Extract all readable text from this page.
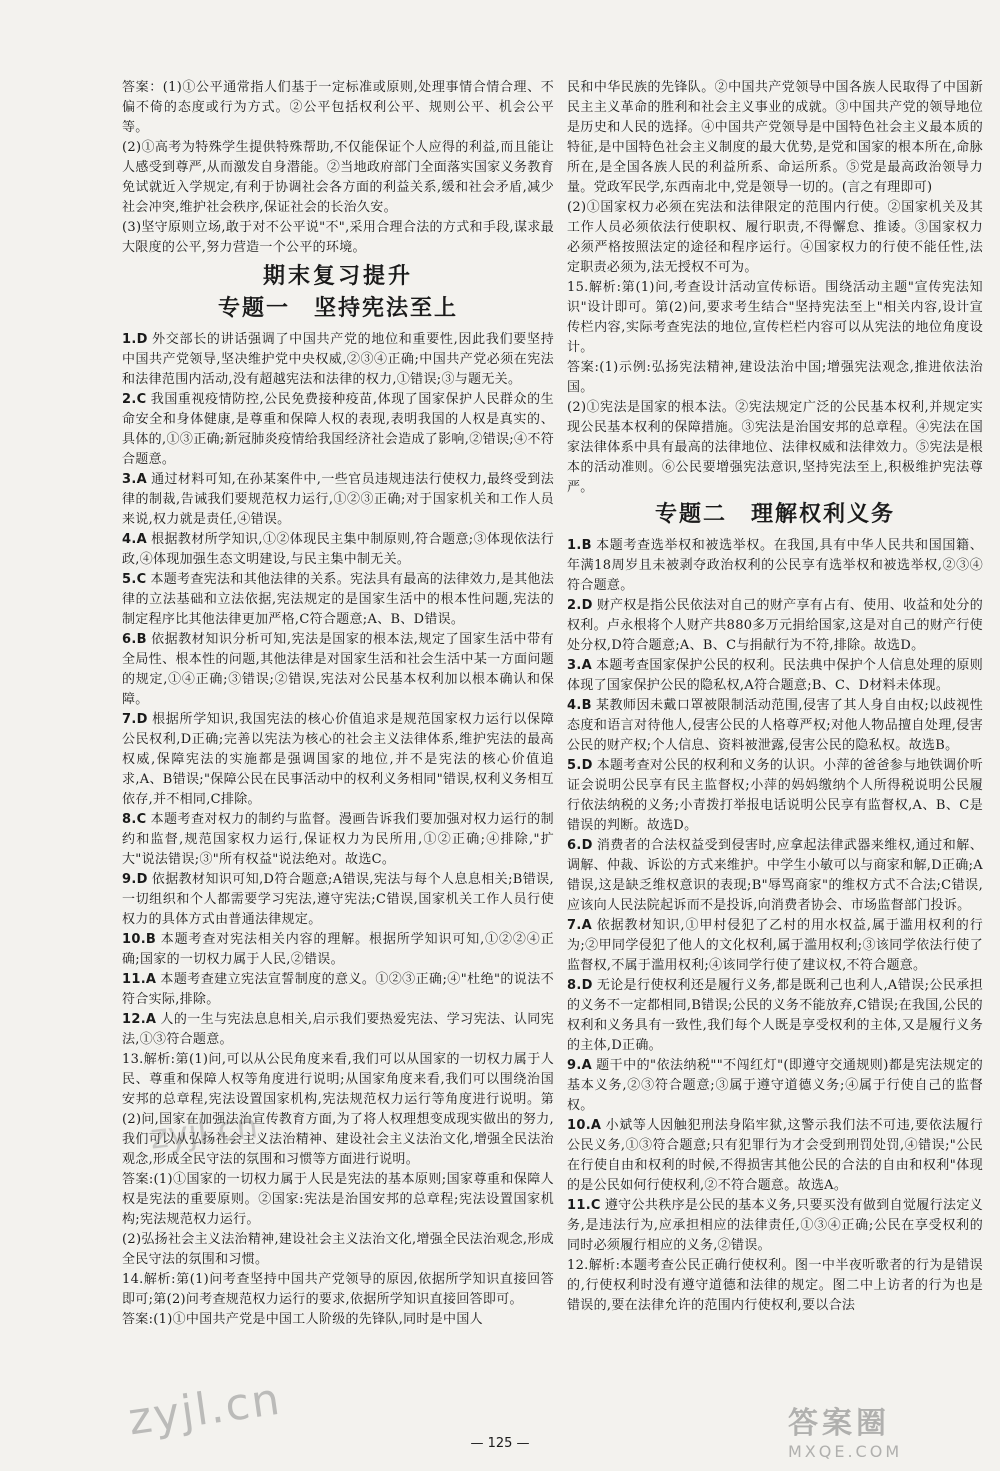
答案：(1)①公平通常指人们基于一定标准或原则,处理事情合情合理、不偏不倚的态度或行为方式。②公平包括权利公平、规则公平、机会公平等。

(2)①高考为特殊学生提供特殊帮助,不仅能保证个人应得的利益,而且能让人感受到尊严,从而激发自身潜能。②当地政府部门全面落实国家义务教育免试就近入学规定,有利于协调社会各方面的利益关系,缓和社会矛盾,减少社会冲突,维护社会秩序,保证社会的长治久安。

(3)坚守原则立场,敢于对不公平说"不",采用合理合法的方式和手段,谋求最大限度的公平,努力营造一个公平的环境。

期末复习提升
专题一　坚持宪法至上

1.D 外交部长的讲话强调了中国共产党的地位和重要性,因此我们要坚持中国共产党领导,坚决维护党中央权威,②③④正确;中国共产党必须在宪法和法律范围内活动,没有超越宪法和法律的权力,①错误;③与题无关。

2.C 我国重视疫情防控,公民免费接种疫苗,体现了国家保护人民群众的生命安全和身体健康,是尊重和保障人权的表现,表明我国的人权是真实的、具体的,①③正确;新冠肺炎疫情给我国经济社会造成了影响,②错误;④不符合题意。

3.A 通过材料可知,在孙某案件中,一些官员违规违法行使权力,最终受到法律的制裁,告诫我们要规范权力运行,①②③正确;对于国家机关和工作人员来说,权力就是责任,④错误。

4.A 根据教材所学知识,①②体现民主集中制原则,符合题意;③体现依法行政,④体现加强生态文明建设,与民主集中制无关。

5.C 本题考查宪法和其他法律的关系。宪法具有最高的法律效力,是其他法律的立法基础和立法依据,宪法规定的是国家生活中的根本性问题,宪法的制定程序比其他法律更加严格,C符合题意;A、B、D错误。

6.B 依据教材知识分析可知,宪法是国家的根本法,规定了国家生活中带有全局性、根本性的问题,其他法律是对国家生活和社会生活中某一方面问题的规定,①④正确;③错误;②错误,宪法对公民基本权利加以根本确认和保障。

7.D 根据所学知识,我国宪法的核心价值追求是规范国家权力运行以保障公民权利,D正确;完善以宪法为核心的社会主义法律体系,维护宪法的最高权威,保障宪法的实施都是强调国家的地位,并不是宪法的核心价值追求,A、B错误;"保障公民在民事活动中的权利义务相同"错误,权利义务相互依存,并不相同,C排除。

8.C 本题考查对权力的制约与监督。漫画告诉我们要加强对权力运行的制约和监督,规范国家权力运行,保证权力为民所用,①②正确;④排除,"扩大"说法错误;③"所有权益"说法绝对。故选C。

9.D 依据教材知识可知,D符合题意;A错误,宪法与每个人息息相关;B错误,一切组织和个人都需要学习宪法,遵守宪法;C错误,国家机关工作人员行使权力的具体方式由普通法律规定。

10.B 本题考查对宪法相关内容的理解。根据所学知识可知,①②②④正确;国家的一切权力属于人民,②错误。

11.A 本题考查建立宪法宣誓制度的意义。①②③正确;④"杜绝"的说法不符合实际,排除。

12.A 人的一生与宪法息息相关,启示我们要热爱宪法、学习宪法、认同宪法,①③符合题意。

13.解析:第(1)问,可以从公民角度来看,我们可以从国家的一切权力属于人民、尊重和保障人权等角度进行说明;从国家角度来看,我们可以围绕治国安邦的总章程,宪法设置国家机构,宪法规范权力运行等角度进行说明。第(2)问,国家在加强法治宣传教育方面,为了将人权理想变成现实做出的努力,我们可以从弘扬社会主义法治精神、建设社会主义法治文化,增强全民法治观念,形成全民守法的氛围和习惯等方面进行说明。

答案:(1)①国家的一切权力属于人民是宪法的基本原则;国家尊重和保障人权是宪法的重要原则。②国家:宪法是治国安邦的总章程;宪法设置国家机构;宪法规范权力运行。

(2)弘扬社会主义法治精神,建设社会主义法治文化,增强全民法治观念,形成全民守法的氛围和习惯。

14.解析:第(1)问考查坚持中国共产党领导的原因,依据所学知识直接回答即可;第(2)问考查规范权力运行的要求,依据所学知识直接回答即可。

答案:(1)①中国共产党是中国工人阶级的先锋队,同时是中国人

民和中华民族的先锋队。②中国共产党领导中国各族人民取得了中国新民主主义革命的胜利和社会主义事业的成就。③中国共产党的领导地位是历史和人民的选择。④中国共产党领导是中国特色社会主义最本质的特征,是中国特色社会主义制度的最大优势,是党和国家的根本所在,命脉所在,是全国各族人民的利益所系、命运所系。⑤党是最高政治领导力量。党政军民学,东西南北中,党是领导一切的。(言之有理即可)

(2)①国家权力必须在宪法和法律限定的范围内行使。②国家机关及其工作人员必须依法行使职权、履行职责,不得懈怠、推诿。③国家权力必须严格按照法定的途径和程序运行。④国家权力的行使不能任性,法定职责必须为,法无授权不可为。

15.解析:第(1)问,考查设计活动宣传标语。围绕活动主题"宣传宪法知识"设计即可。第(2)问,要求考生结合"坚持宪法至上"相关内容,设计宣传栏内容,实际考查宪法的地位,宣传栏栏内容可以从宪法的地位角度设计。

答案:(1)示例:弘扬宪法精神,建设法治中国;增强宪法观念,推进依法治国。

(2)①宪法是国家的根本法。②宪法规定广泛的公民基本权利,并规定实现公民基本权利的保障措施。③宪法是治国安邦的总章程。④宪法在国家法律体系中具有最高的法律地位、法律权威和法律效力。⑤宪法是根本的活动准则。⑥公民要增强宪法意识,坚持宪法至上,积极维护宪法尊严。

专题二　理解权利义务

1.B 本题考查选举权和被选举权。在我国,具有中华人民共和国国籍、年满18周岁且未被剥夺政治权利的公民享有选举权和被选举权,②③④符合题意。

2.D 财产权是指公民依法对自己的财产享有占有、使用、收益和处分的权利。卢永根将个人财产共880多万元捐给国家,这是对自己的财产行使处分权,D符合题意;A、B、C与捐献行为不符,排除。故选D。

3.A 本题考查国家保护公民的权利。民法典中保护个人信息处理的原则体现了国家保护公民的隐私权,A符合题意;B、C、D材料未体现。

4.B 某教师因未戴口罩被限制活动范围,侵害了其人身自由权;以歧视性态度和语言对待他人,侵害公民的人格尊严权;对他人物品擅自处理,侵害公民的财产权;个人信息、资料被泄露,侵害公民的隐私权。故选B。

5.D 本题考查对公民的权利和义务的认识。小萍的爸爸参与地铁调价听证会说明公民享有民主监督权;小萍的妈妈缴纳个人所得税说明公民履行依法纳税的义务;小青拨打举报电话说明公民享有监督权,A、B、C是错误的判断。故选D。

6.D 消费者的合法权益受到侵害时,应拿起法律武器来维权,通过和解、调解、仲裁、诉讼的方式来维护。中学生小敏可以与商家和解,D正确;A错误,这是缺乏维权意识的表现;B"辱骂商家"的维权方式不合法;C错误,应该向人民法院起诉而不是投诉,向消费者协会、市场监督部门投诉。

7.A 依据教材知识,①甲村侵犯了乙村的用水权益,属于滥用权利的行为;②甲同学侵犯了他人的文化权利,属于滥用权利;③该同学依法行使了监督权,不属于滥用权利;④该同学行使了建议权,不符合题意。

8.D 无论是行使权利还是履行义务,都是既利己也利人,A错误;公民承担的义务不一定都相同,B错误;公民的义务不能放弃,C错误;在我国,公民的权利和义务具有一致性,我们每个人既是享受权利的主体,又是履行义务的主体,D正确。

9.A 题干中的"依法纳税""不闯红灯"(即遵守交通规则)都是宪法规定的基本义务,②③符合题意;③属于遵守道德义务;④属于行使自己的监督权。

10.A 小斌等人因触犯刑法身陷牢狱,这警示我们法不可违,要依法履行公民义务,①③符合题意;只有犯罪行为才会受到刑罚处罚,④错误;"公民在行使自由和权利的时候,不得损害其他公民的合法的自由和权利"体现的是公民如何行使权利,②不符合题意。故选A。

11.C 遵守公共秩序是公民的基本义务,只要买没有做到自觉履行法定义务,是违法行为,应承担相应的法律责任,①③④正确;公民在享受权利的同时必须履行相应的义务,②错误。

12.解析:本题考查公民正确行使权利。图一中半夜听歌者的行为是错误的,行使权利时没有遵守道德和法律的规定。图二中上访者的行为也是错误的,要在法律允许的范围内行使权利,要以合法

zyjl.cn
zyjl.cn	— 125 —
答案圈
MXQE.COM
